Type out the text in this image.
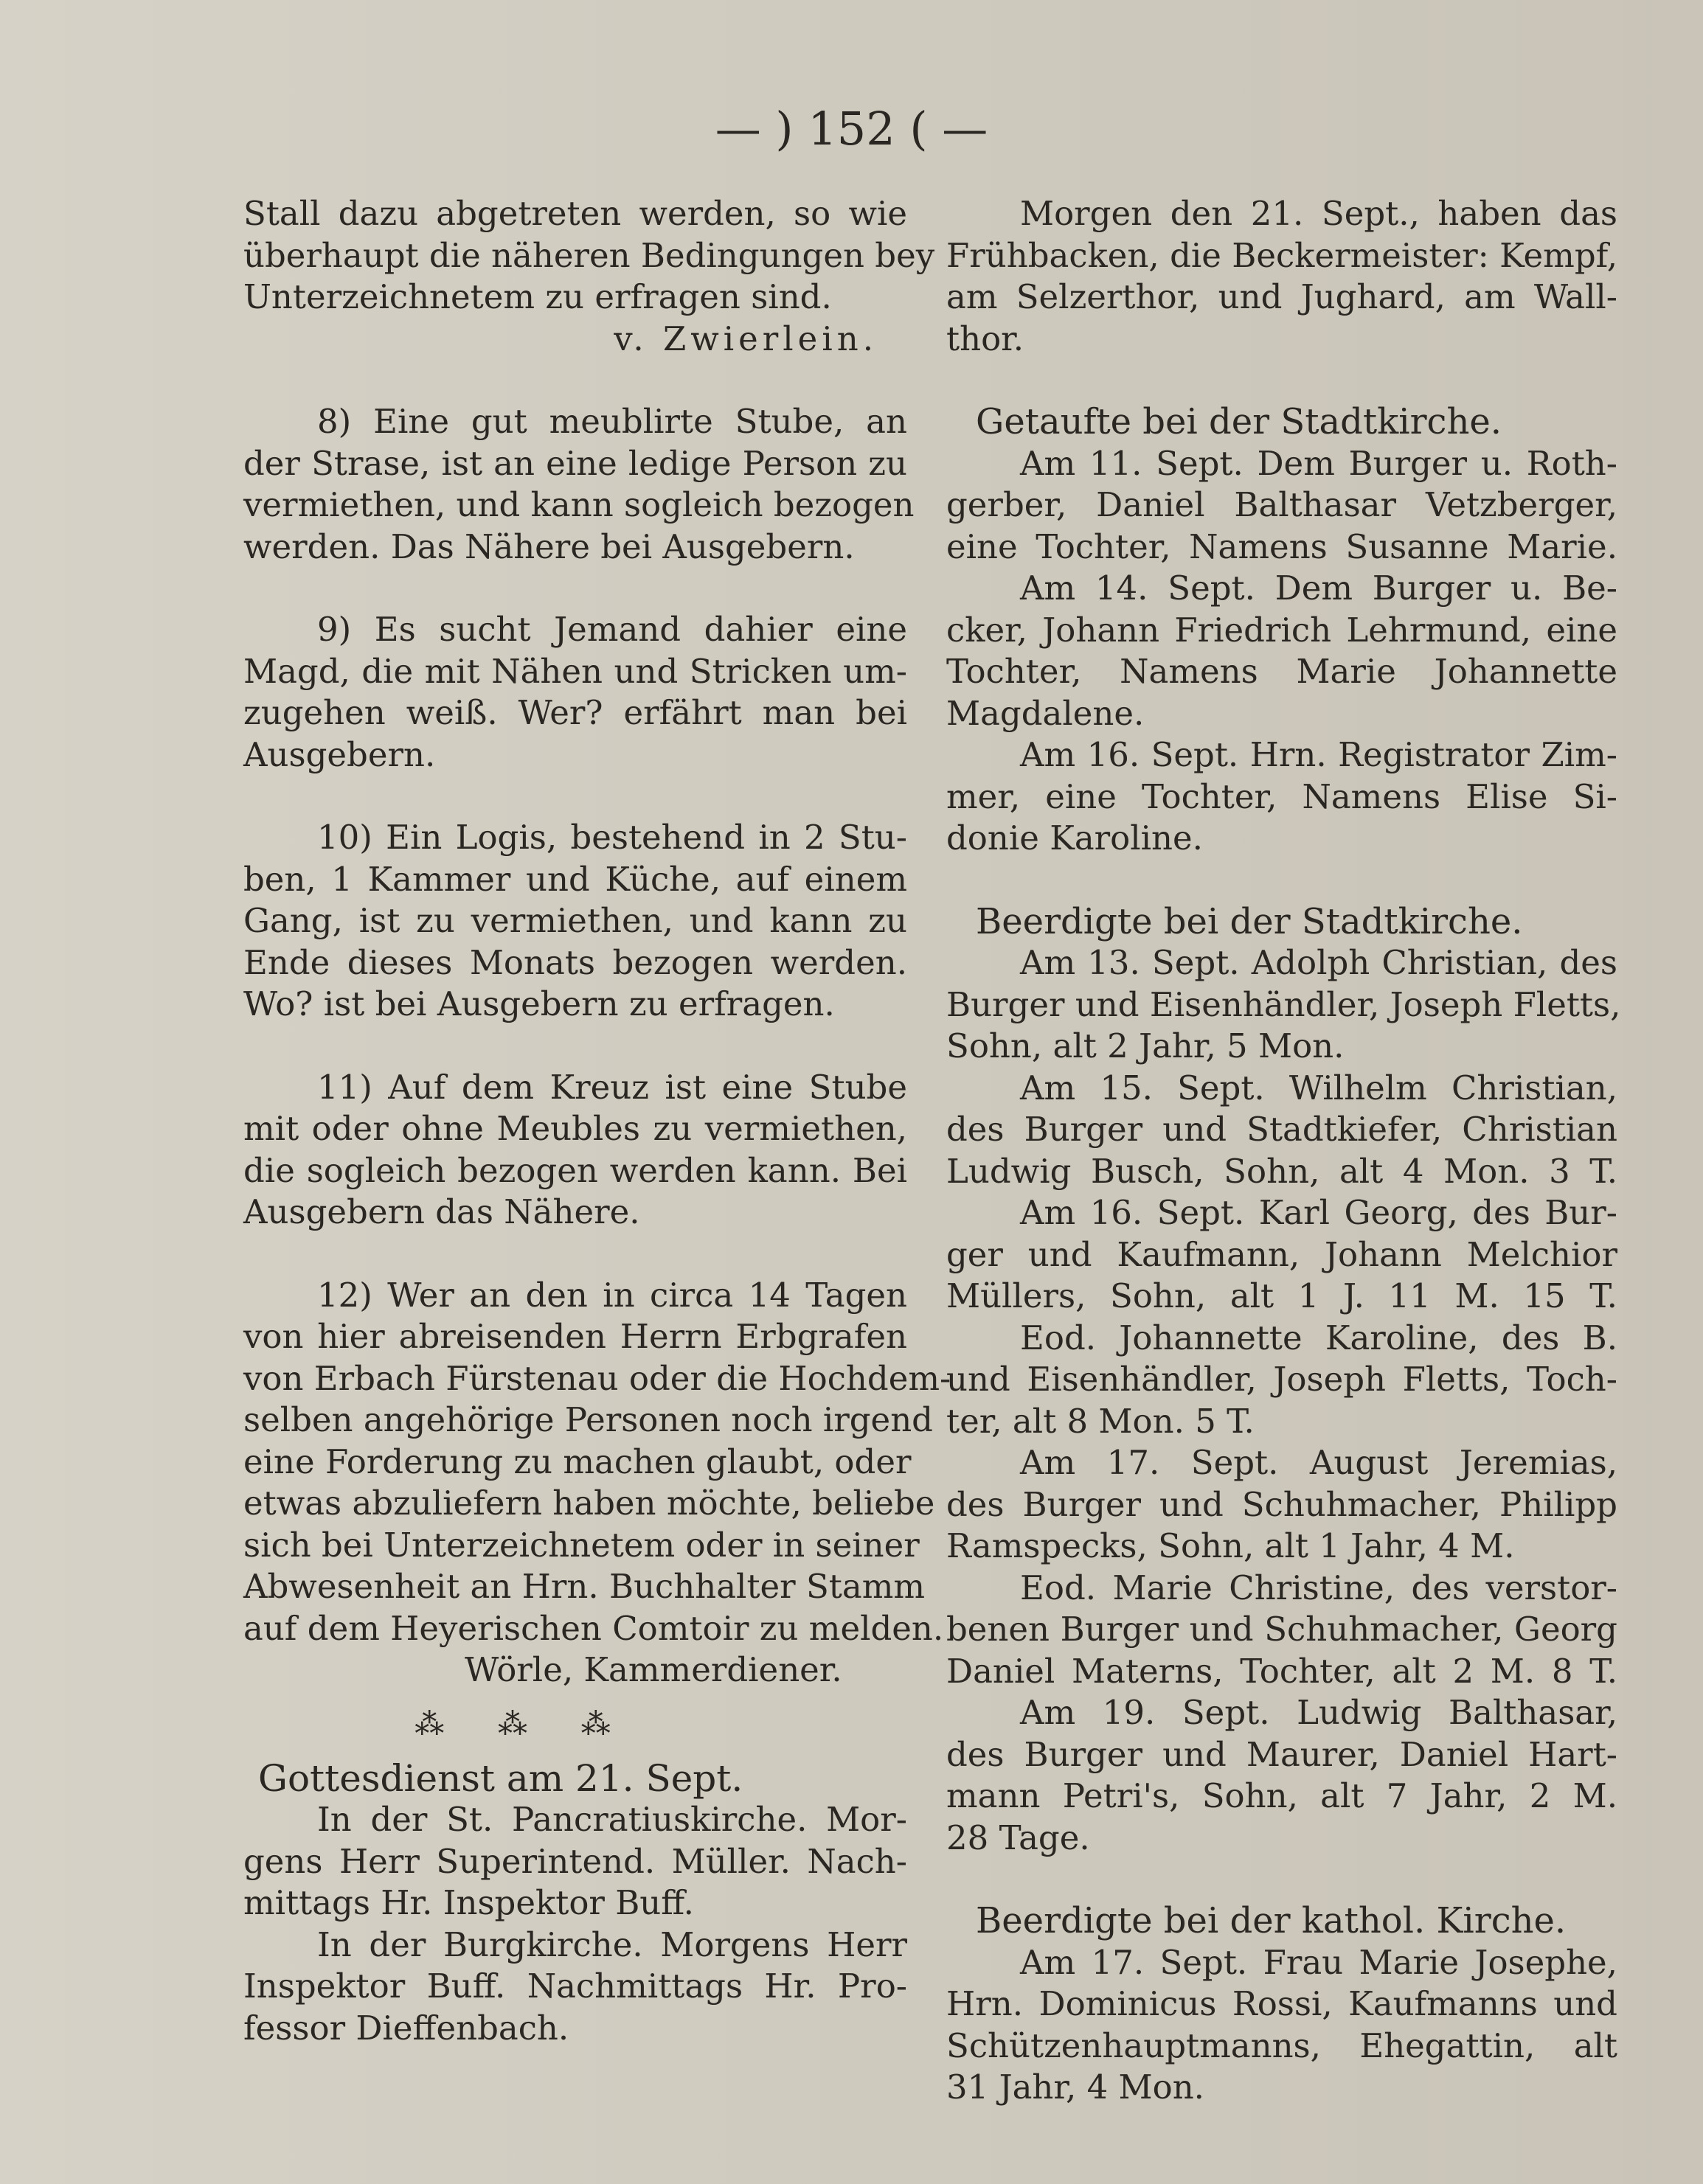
— ) 152 ( —
Stall dazu abgetreten werden, so wie
überhaupt die näheren Bedingungen bey
Unterzeichnetem zu erfragen sind.
v. Zwierlein.
8) Eine gut meublirte Stube, an
der Strase, ist an eine ledige Person zu
vermiethen, und kann sogleich bezogen
werden. Das Nähere bei Ausgebern.
9) Es sucht Jemand dahier eine
Magd, die mit Nähen und Stricken um-
zugehen weiß. Wer? erfährt man bei
Ausgebern.
10) Ein Logis, bestehend in 2 Stu-
ben, 1 Kammer und Küche, auf einem
Gang, ist zu vermiethen, und kann zu
Ende dieses Monats bezogen werden.
Wo? ist bei Ausgebern zu erfragen.
11) Auf dem Kreuz ist eine Stube
mit oder ohne Meubles zu vermiethen,
die sogleich bezogen werden kann. Bei
Ausgebern das Nähere.
12) Wer an den in circa 14 Tagen
von hier abreisenden Herrn Erbgrafen
von Erbach Fürstenau oder die Hochdem-
selben angehörige Personen noch irgend
eine Forderung zu machen glaubt, oder
etwas abzuliefern haben möchte, beliebe
sich bei Unterzeichnetem oder in seiner
Abwesenheit an Hrn. Buchhalter Stamm
auf dem Heyerischen Comtoir zu melden.
Wörle, Kammerdiener.
⁂ ⁂ ⁂
Gottesdienst am 21. Sept.
In der St. Pancratiuskirche. Mor-
gens Herr Superintend. Müller. Nach-
mittags Hr. Inspektor Buff.
In der Burgkirche. Morgens Herr
Inspektor Buff. Nachmittags Hr. Pro-
fessor Dieffenbach.
Morgen den 21. Sept., haben das
Frühbacken, die Beckermeister: Kempf,
am Selzerthor, und Jughard, am Wall-
thor.
Getaufte bei der Stadtkirche.
Am 11. Sept. Dem Burger u. Roth-
gerber, Daniel Balthasar Vetzberger,
eine Tochter, Namens Susanne Marie.
Am 14. Sept. Dem Burger u. Be-
cker, Johann Friedrich Lehrmund, eine
Tochter, Namens Marie Johannette
Magdalene.
Am 16. Sept. Hrn. Registrator Zim-
mer, eine Tochter, Namens Elise Si-
donie Karoline.
Beerdigte bei der Stadtkirche.
Am 13. Sept. Adolph Christian, des
Burger und Eisenhändler, Joseph Fletts,
Sohn, alt 2 Jahr, 5 Mon.
Am 15. Sept. Wilhelm Christian,
des Burger und Stadtkiefer, Christian
Ludwig Busch, Sohn, alt 4 Mon. 3 T.
Am 16. Sept. Karl Georg, des Bur-
ger und Kaufmann, Johann Melchior
Müllers, Sohn, alt 1 J. 11 M. 15 T.
Eod. Johannette Karoline, des B.
und Eisenhändler, Joseph Fletts, Toch-
ter, alt 8 Mon. 5 T.
Am 17. Sept. August Jeremias,
des Burger und Schuhmacher, Philipp
Ramspecks, Sohn, alt 1 Jahr, 4 M.
Eod. Marie Christine, des verstor-
benen Burger und Schuhmacher, Georg
Daniel Materns, Tochter, alt 2 M. 8 T.
Am 19. Sept. Ludwig Balthasar,
des Burger und Maurer, Daniel Hart-
mann Petri's, Sohn, alt 7 Jahr, 2 M.
28 Tage.
Beerdigte bei der kathol. Kirche.
Am 17. Sept. Frau Marie Josephe,
Hrn. Dominicus Rossi, Kaufmanns und
Schützenhauptmanns, Ehegattin, alt
31 Jahr, 4 Mon.
